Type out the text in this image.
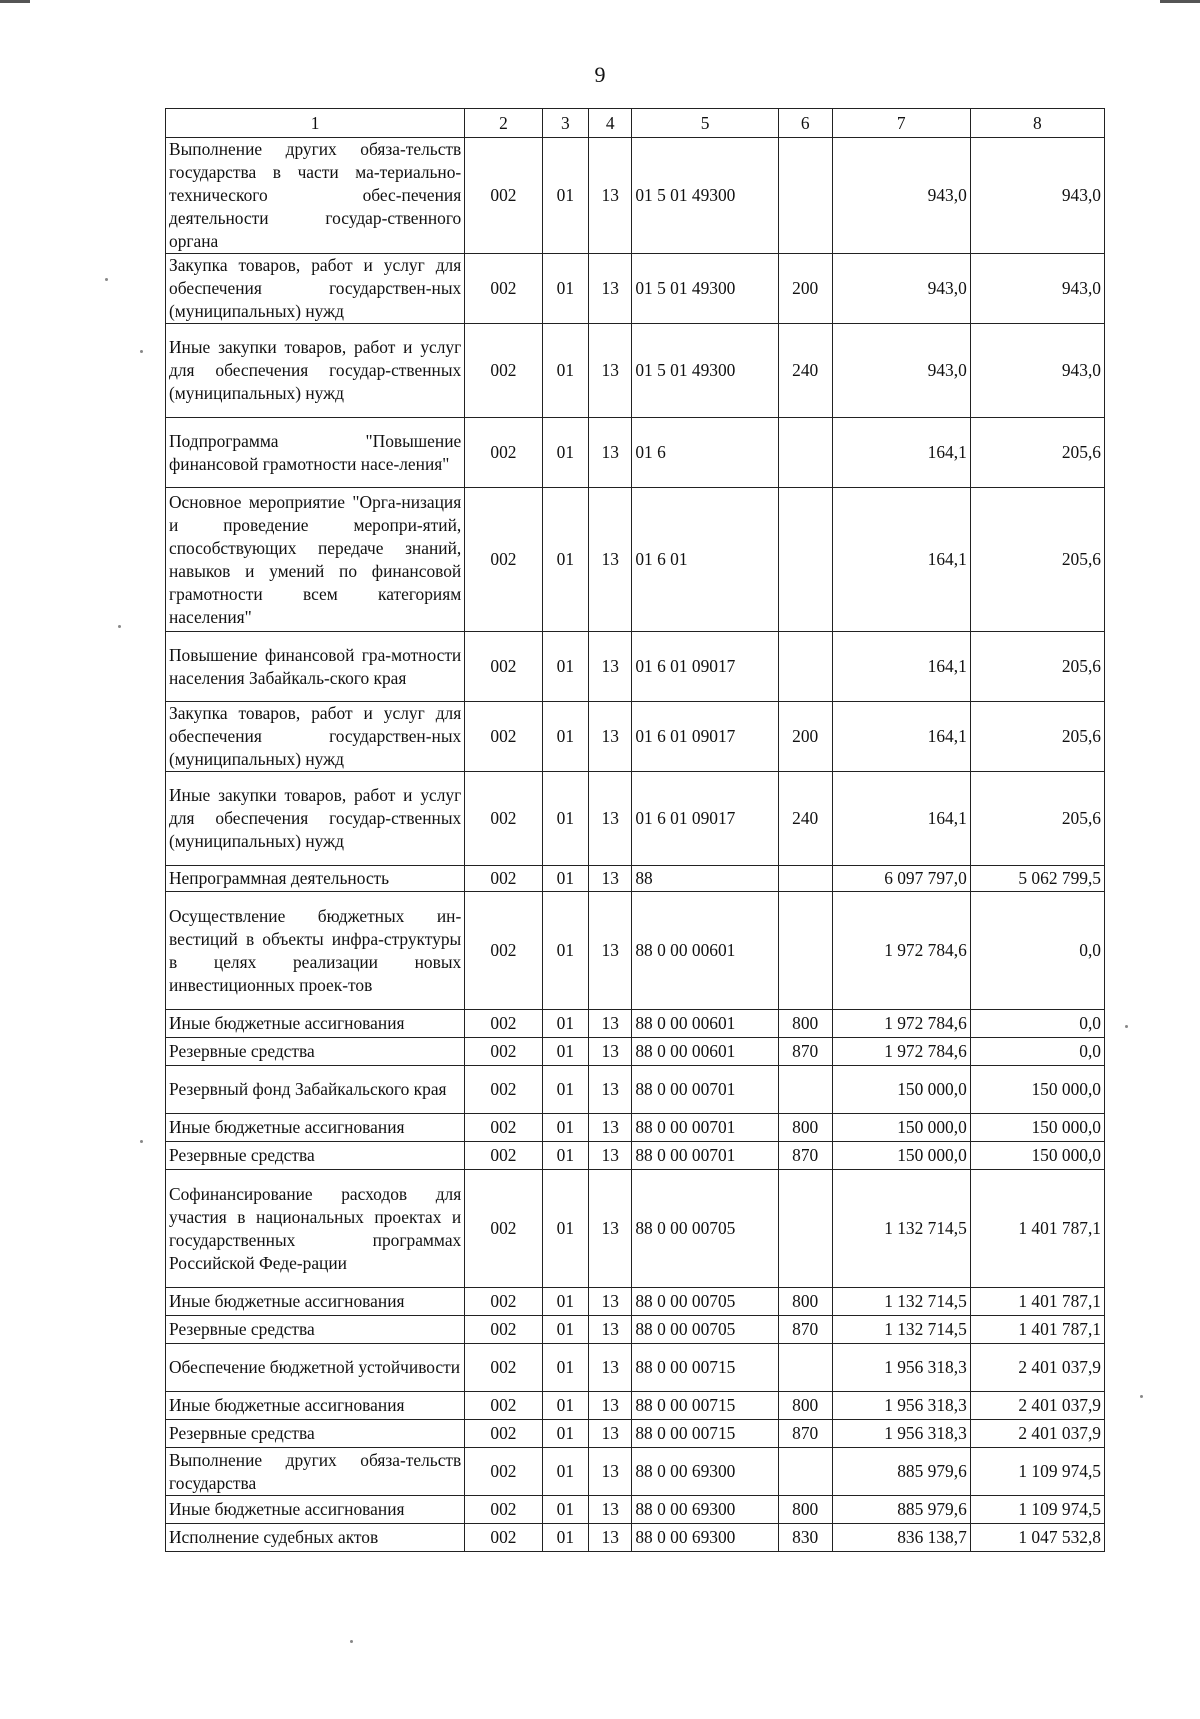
9
1	2	3	4	5	6	7	8
Выполнение других обяза-тельств государства в части ма-териально-технического обес-печения деятельности государ-ственного органа	002	01	13	01 5 01 49300		943,0	943,0
Закупка товаров, работ и услуг для обеспечения государствен-ных (муниципальных) нужд	002	01	13	01 5 01 49300	200	943,0	943,0
Иные закупки товаров, работ и услуг для обеспечения государ-ственных (муниципальных) нужд	002	01	13	01 5 01 49300	240	943,0	943,0
Подпрограмма "Повышение финансовой грамотности насе-ления"	002	01	13	01 6		164,1	205,6
Основное мероприятие "Орга-низация и проведение меропри-ятий, способствующих передаче знаний, навыков и умений по финансовой грамотности всем категориям населения"	002	01	13	01 6 01		164,1	205,6
Повышение финансовой гра-мотности населения Забайкаль-ского края	002	01	13	01 6 01 09017		164,1	205,6
Закупка товаров, работ и услуг для обеспечения государствен-ных (муниципальных) нужд	002	01	13	01 6 01 09017	200	164,1	205,6
Иные закупки товаров, работ и услуг для обеспечения государ-ственных (муниципальных) нужд	002	01	13	01 6 01 09017	240	164,1	205,6
Непрограммная деятельность	002	01	13	88		6 097 797,0	5 062 799,5
Осуществление бюджетных ин-вестиций в объекты инфра-структуры в целях реализации новых инвестиционных проек-тов	002	01	13	88 0 00 00601		1 972 784,6	0,0
Иные бюджетные ассигнования	002	01	13	88 0 00 00601	800	1 972 784,6	0,0
Резервные средства	002	01	13	88 0 00 00601	870	1 972 784,6	0,0
Резервный фонд Забайкальского края	002	01	13	88 0 00 00701		150 000,0	150 000,0
Иные бюджетные ассигнования	002	01	13	88 0 00 00701	800	150 000,0	150 000,0
Резервные средства	002	01	13	88 0 00 00701	870	150 000,0	150 000,0
Софинансирование расходов для участия в национальных проектах и государственных программах Российской Феде-рации	002	01	13	88 0 00 00705		1 132 714,5	1 401 787,1
Иные бюджетные ассигнования	002	01	13	88 0 00 00705	800	1 132 714,5	1 401 787,1
Резервные средства	002	01	13	88 0 00 00705	870	1 132 714,5	1 401 787,1
Обеспечение бюджетной устойчивости	002	01	13	88 0 00 00715		1 956 318,3	2 401 037,9
Иные бюджетные ассигнования	002	01	13	88 0 00 00715	800	1 956 318,3	2 401 037,9
Резервные средства	002	01	13	88 0 00 00715	870	1 956 318,3	2 401 037,9
Выполнение других обяза-тельств государства	002	01	13	88 0 00 69300		885 979,6	1 109 974,5
Иные бюджетные ассигнования	002	01	13	88 0 00 69300	800	885 979,6	1 109 974,5
Исполнение судебных актов	002	01	13	88 0 00 69300	830	836 138,7	1 047 532,8
